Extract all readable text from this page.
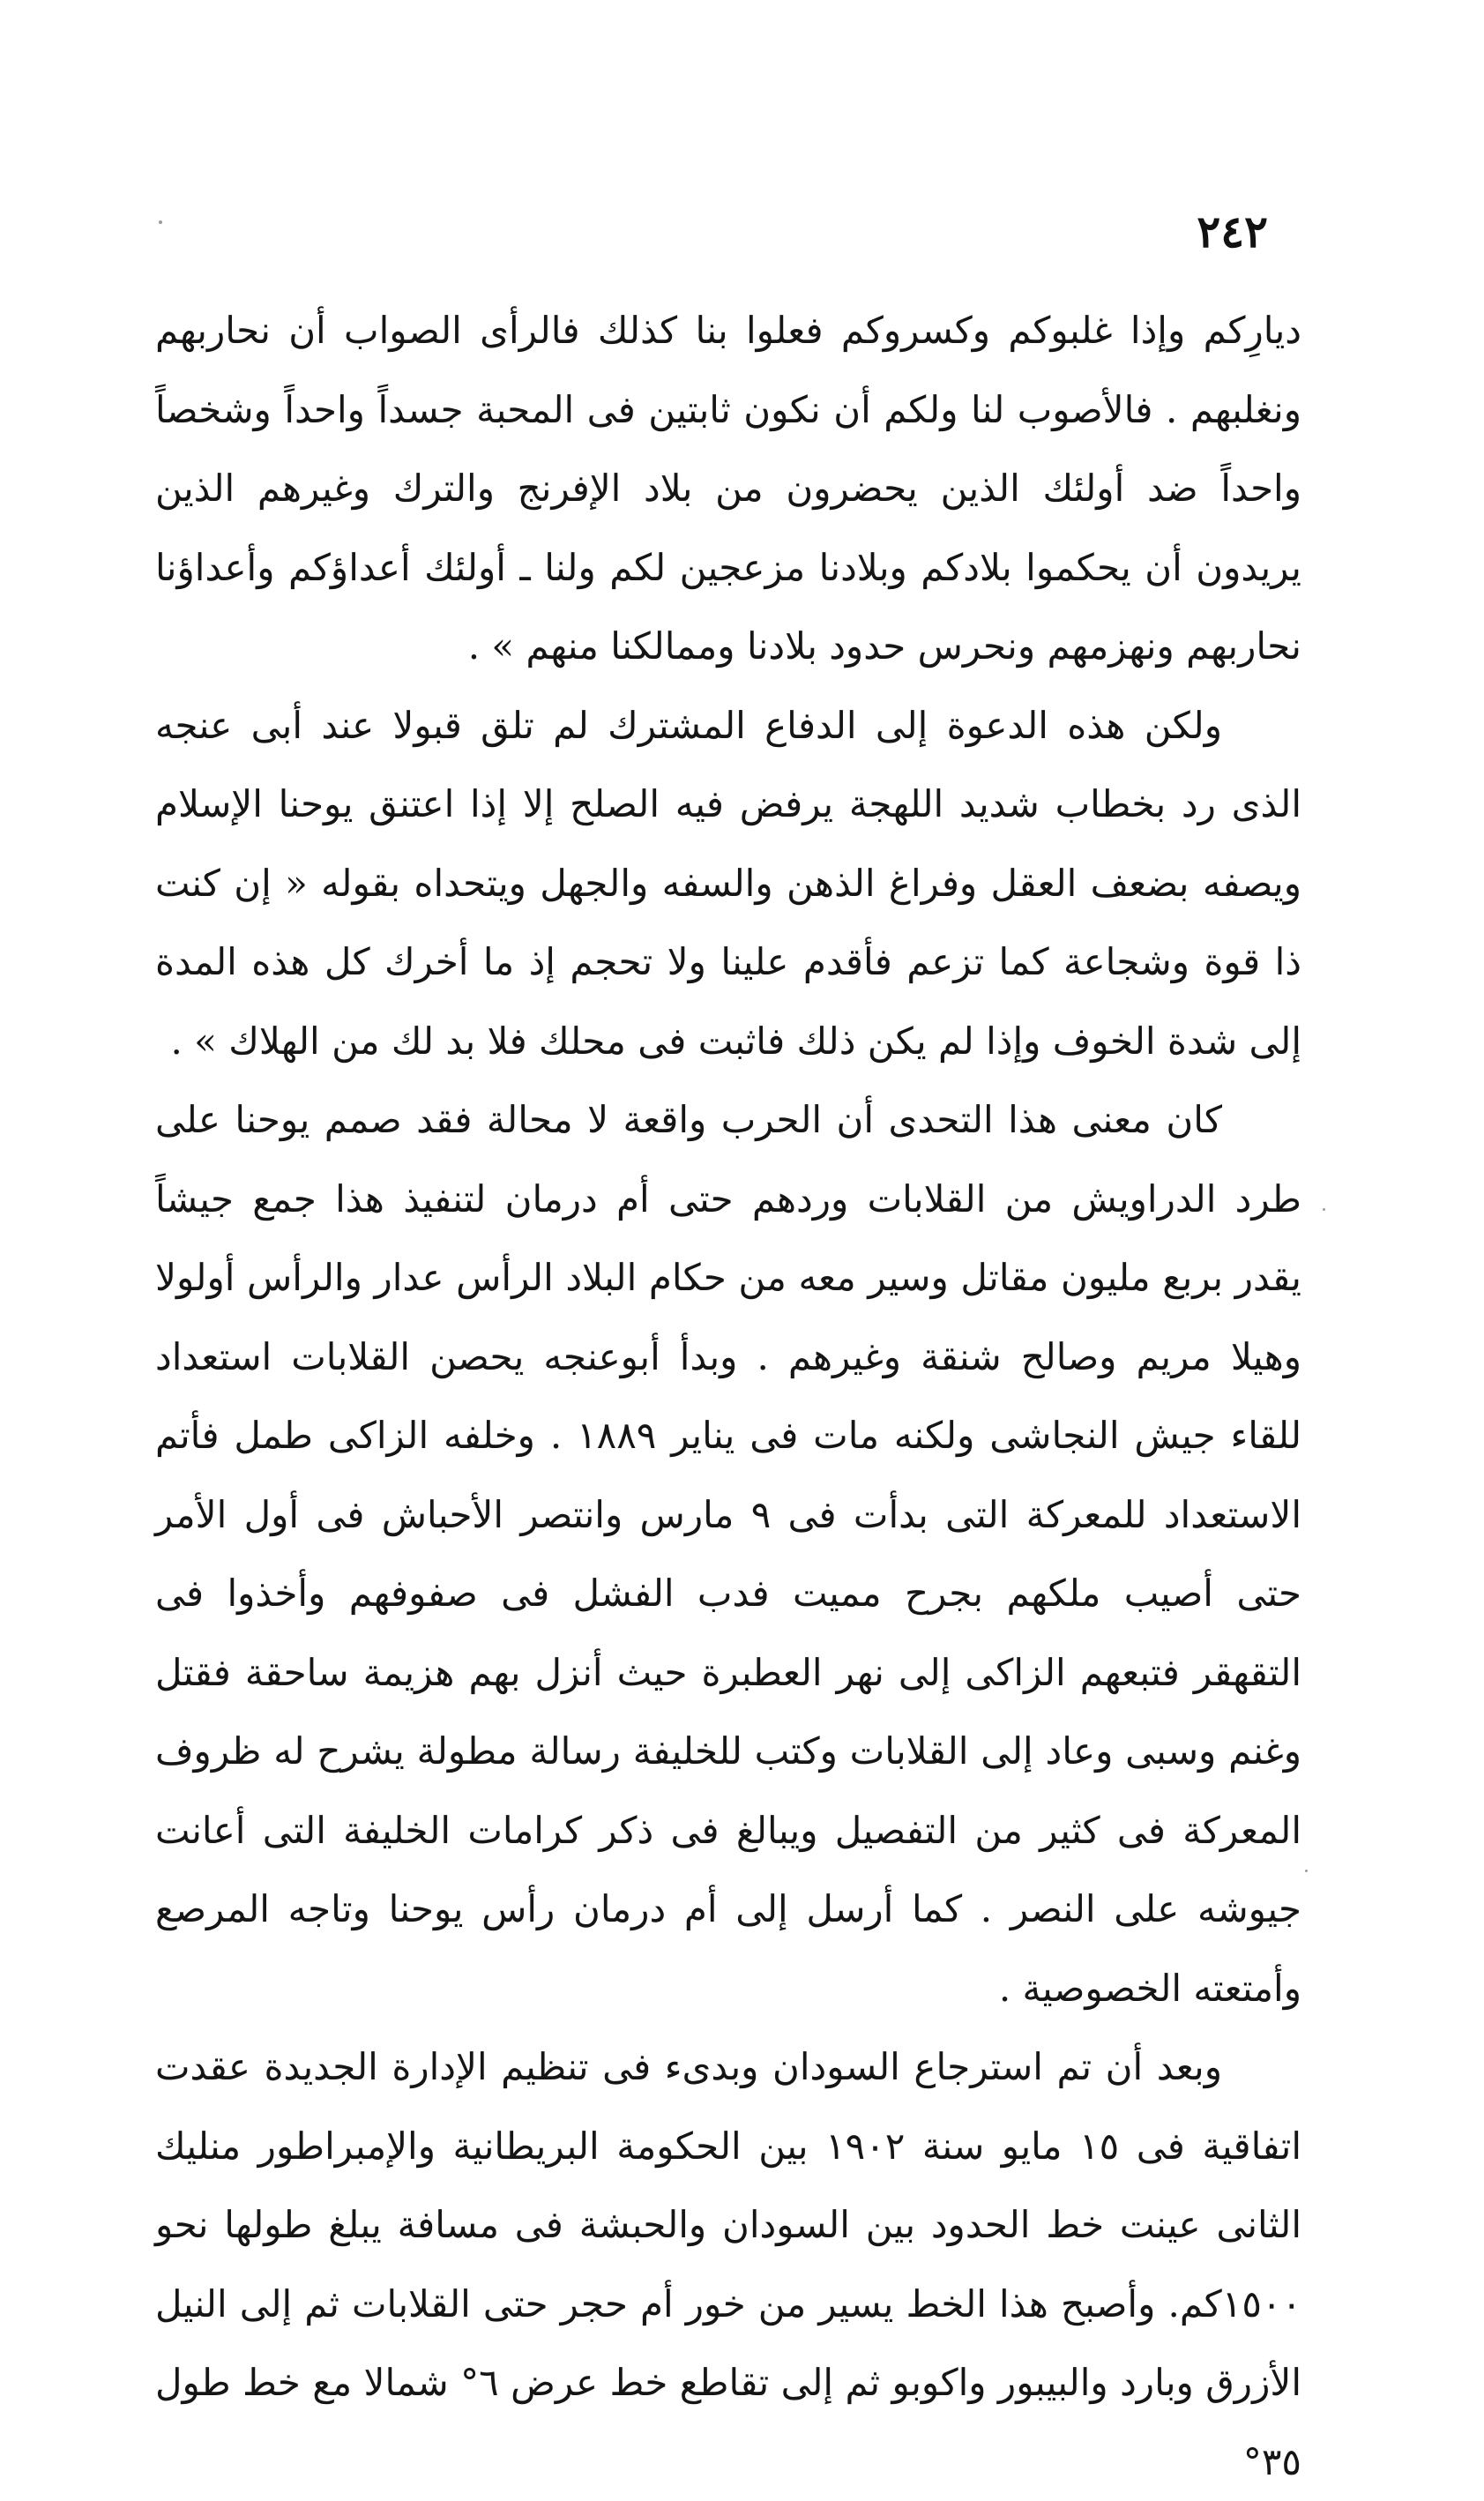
٢٤٢

ديارِكم وإذا غلبوكم وكسروكم فعلوا بنا كذلك فالرأى الصواب أن نحاربهم ونغلبهم . فالأصوب لنا ولكم أن نكون ثابتين فى المحبة جسداً واحداً وشخصاً واحداً ضد أولئك الذين يحضرون من بلاد الإفرنج والترك وغيرهم الذين يريدون أن يحكموا بلادكم وبلادنا مزعجين لكم ولنا ـ أولئك أعداؤكم وأعداؤنا نحاربهم ونهزمهم ونحرس حدود بلادنا وممالكنا منهم » .

ولكن هذه الدعوة إلى الدفاع المشترك لم تلق قبولا عند أبى عنجه الذى رد بخطاب شديد اللهجة يرفض فيه الصلح إلا إذا اعتنق يوحنا الإسلام ويصفه بضعف العقل وفراغ الذهن والسفه والجهل ويتحداه بقوله « إن كنت ذا قوة وشجاعة كما تزعم فأقدم علينا ولا تحجم إذ ما أخرك كل هذه المدة إلى شدة الخوف وإذا لم يكن ذلك فاثبت فى محلك فلا بد لك من الهلاك » .

كان معنى هذا التحدى أن الحرب واقعة لا محالة فقد صمم يوحنا على طرد الدراويش من القلابات وردهم حتى أم درمان لتنفيذ هذا جمع جيشاً يقدر بربع مليون مقاتل وسير معه من حكام البلاد الرأس عدار والرأس أولولا وهيلا مريم وصالح شنقة وغيرهم . وبدأ أبوعنجه يحصن القلابات استعداد للقاء جيش النجاشى ولكنه مات فى يناير ١٨٨٩ . وخلفه الزاكى طمل فأتم الاستعداد للمعركة التى بدأت فى ٩ مارس وانتصر الأحباش فى أول الأمر حتى أصيب ملكهم بجرح مميت فدب الفشل فى صفوفهم وأخذوا فى التقهقر فتبعهم الزاكى إلى نهر العطبرة حيث أنزل بهم هزيمة ساحقة فقتل وغنم وسبى وعاد إلى القلابات وكتب للخليفة رسالة مطولة يشرح له ظروف المعركة فى كثير من التفصيل ويبالغ فى ذكر كرامات الخليفة التى أعانت جيوشه على النصر . كما أرسل إلى أم درمان رأس يوحنا وتاجه المرصع وأمتعته الخصوصية .

وبعد أن تم استرجاع السودان وبدىء فى تنظيم الإدارة الجديدة عقدت اتفاقية فى ١٥ مايو سنة ١٩٠٢ بين الحكومة البريطانية والإمبراطور منليك الثانى عينت خط الحدود بين السودان والحبشة فى مسافة يبلغ طولها نحو ١٥٠٠كم. وأصبح هذا الخط يسير من خور أم حجر حتى القلابات ثم إلى النيل الأزرق وبارد والبيبور واكوبو ثم إلى تقاطع خط عرض ٦° شمالا مع خط طول ٣٥°
